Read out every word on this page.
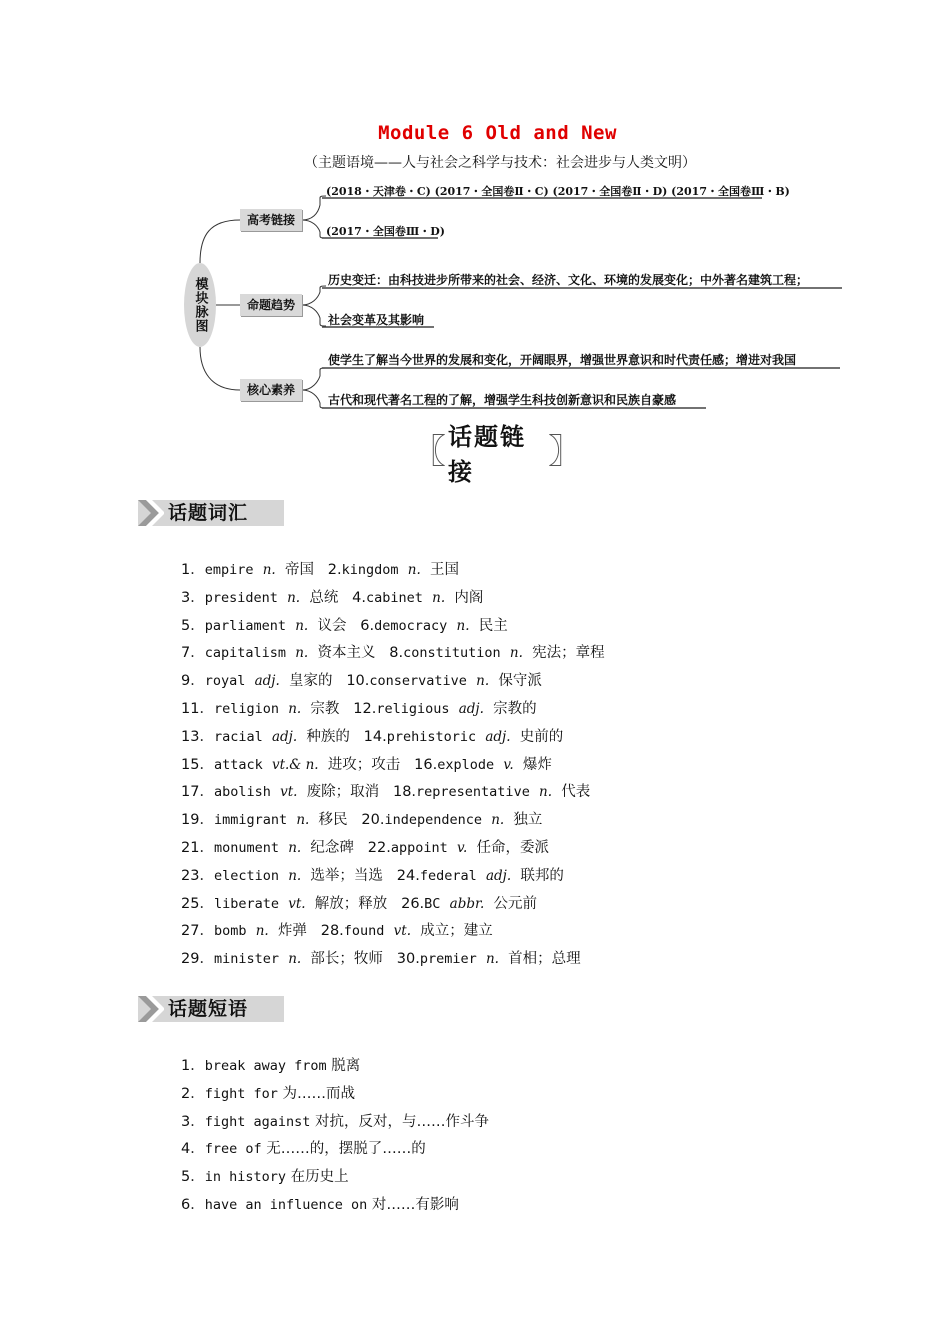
Module 6 Old and New
（主题语境——人与社会之科学与技术：社会进步与人类文明）
模块脉图
高考链接
命题趋势
核心素养
(2018・天津卷・C) (2017・全国卷Ⅱ・C) (2017・全国卷Ⅱ・D) (2017・全国卷Ⅲ・B)
(2017・全国卷Ⅲ・D)
历史变迁：由科技进步所带来的社会、经济、文化、环境的发展变化；中外著名建筑工程；
社会变革及其影响
使学生了解当今世界的发展和变化，开阔眼界，增强世界意识和时代责任感；增进对我国
古代和现代著名工程的了解，增强学生科技创新意识和民族自豪感
〖 话题链接	〗
话题词汇
1．empire n. 帝国 2.kingdom n. 王国
3．president n. 总统 4.cabinet n. 内阁
5．parliament n. 议会 6.democracy n. 民主
7．capitalism n. 资本主义 8.constitution n. 宪法；章程
9．royal adj. 皇家的 10.conservative n. 保守派
11．religion n. 宗教 12.religious adj. 宗教的
13．racial adj. 种族的 14.prehistoric adj. 史前的
15．attack vt.& n. 进攻；攻击 16.explode v. 爆炸
17．abolish vt. 废除；取消 18.representative n. 代表
19．immigrant n. 移民 20.independence n. 独立
21．monument n. 纪念碑 22.appoint v. 任命，委派
23．election n. 选举；当选 24.federal adj. 联邦的
25．liberate vt. 解放；释放 26.BC abbr. 公元前
27．bomb n. 炸弹 28.found vt. 成立；建立
29．minister n. 部长；牧师 30.premier n. 首相；总理
话题短语
1．break away from 脱离
2．fight for 为……而战
3．fight against 对抗，反对，与……作斗争
4．free of 无……的，摆脱了……的
5．in history 在历史上
6．have an influence on 对……有影响
